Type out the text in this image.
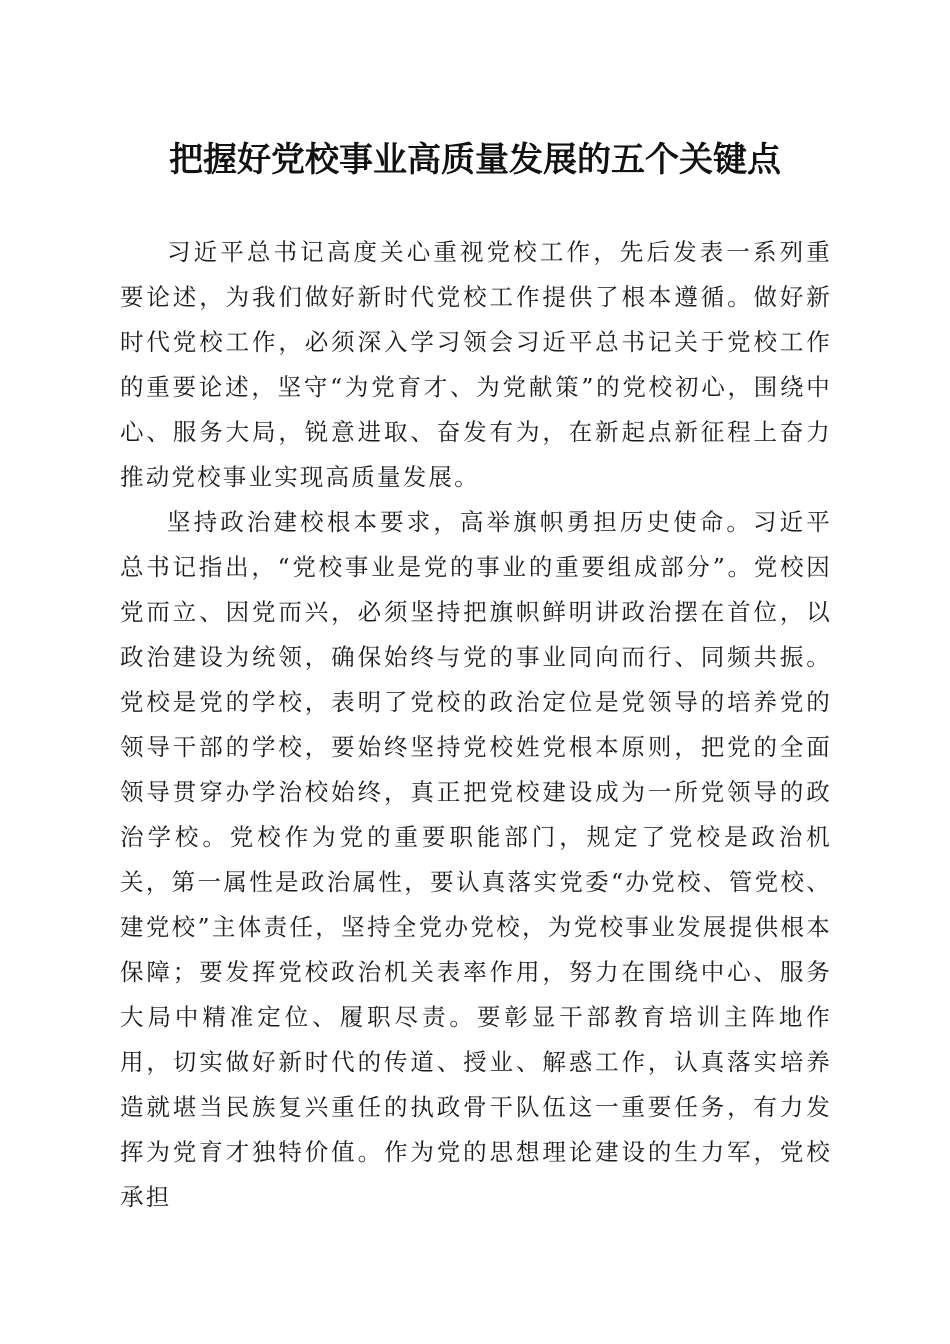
把握好党校事业高质量发展的五个关键点

习近平总书记高度关心重视党校工作，先后发表一系列重要论述，为我们做好新时代党校工作提供了根本遵循。做好新时代党校工作，必须深入学习领会习近平总书记关于党校工作的重要论述，坚守“为党育才、为党献策”的党校初心，围绕中心、服务大局，锐意进取、奋发有为，在新起点新征程上奋力推动党校事业实现高质量发展。

坚持政治建校根本要求，高举旗帜勇担历史使命。习近平总书记指出，“党校事业是党的事业的重要组成部分”。党校因党而立、因党而兴，必须坚持把旗帜鲜明讲政治摆在首位，以政治建设为统领，确保始终与党的事业同向而行、同频共振。党校是党的学校，表明了党校的政治定位是党领导的培养党的领导干部的学校，要始终坚持党校姓党根本原则，把党的全面领导贯穿办学治校始终，真正把党校建设成为一所党领导的政治学校。党校作为党的重要职能部门，规定了党校是政治机关，第一属性是政治属性，要认真落实党委“办党校、管党校、建党校”主体责任，坚持全党办党校，为党校事业发展提供根本保障；要发挥党校政治机关表率作用，努力在围绕中心、服务大局中精准定位、履职尽责。要彰显干部教育培训主阵地作用，切实做好新时代的传道、授业、解惑工作，认真落实培养造就堪当民族复兴重任的执政骨干队伍这一重要任务，有力发挥为党育才独特价值。作为党的思想理论建设的生力军，党校承担
